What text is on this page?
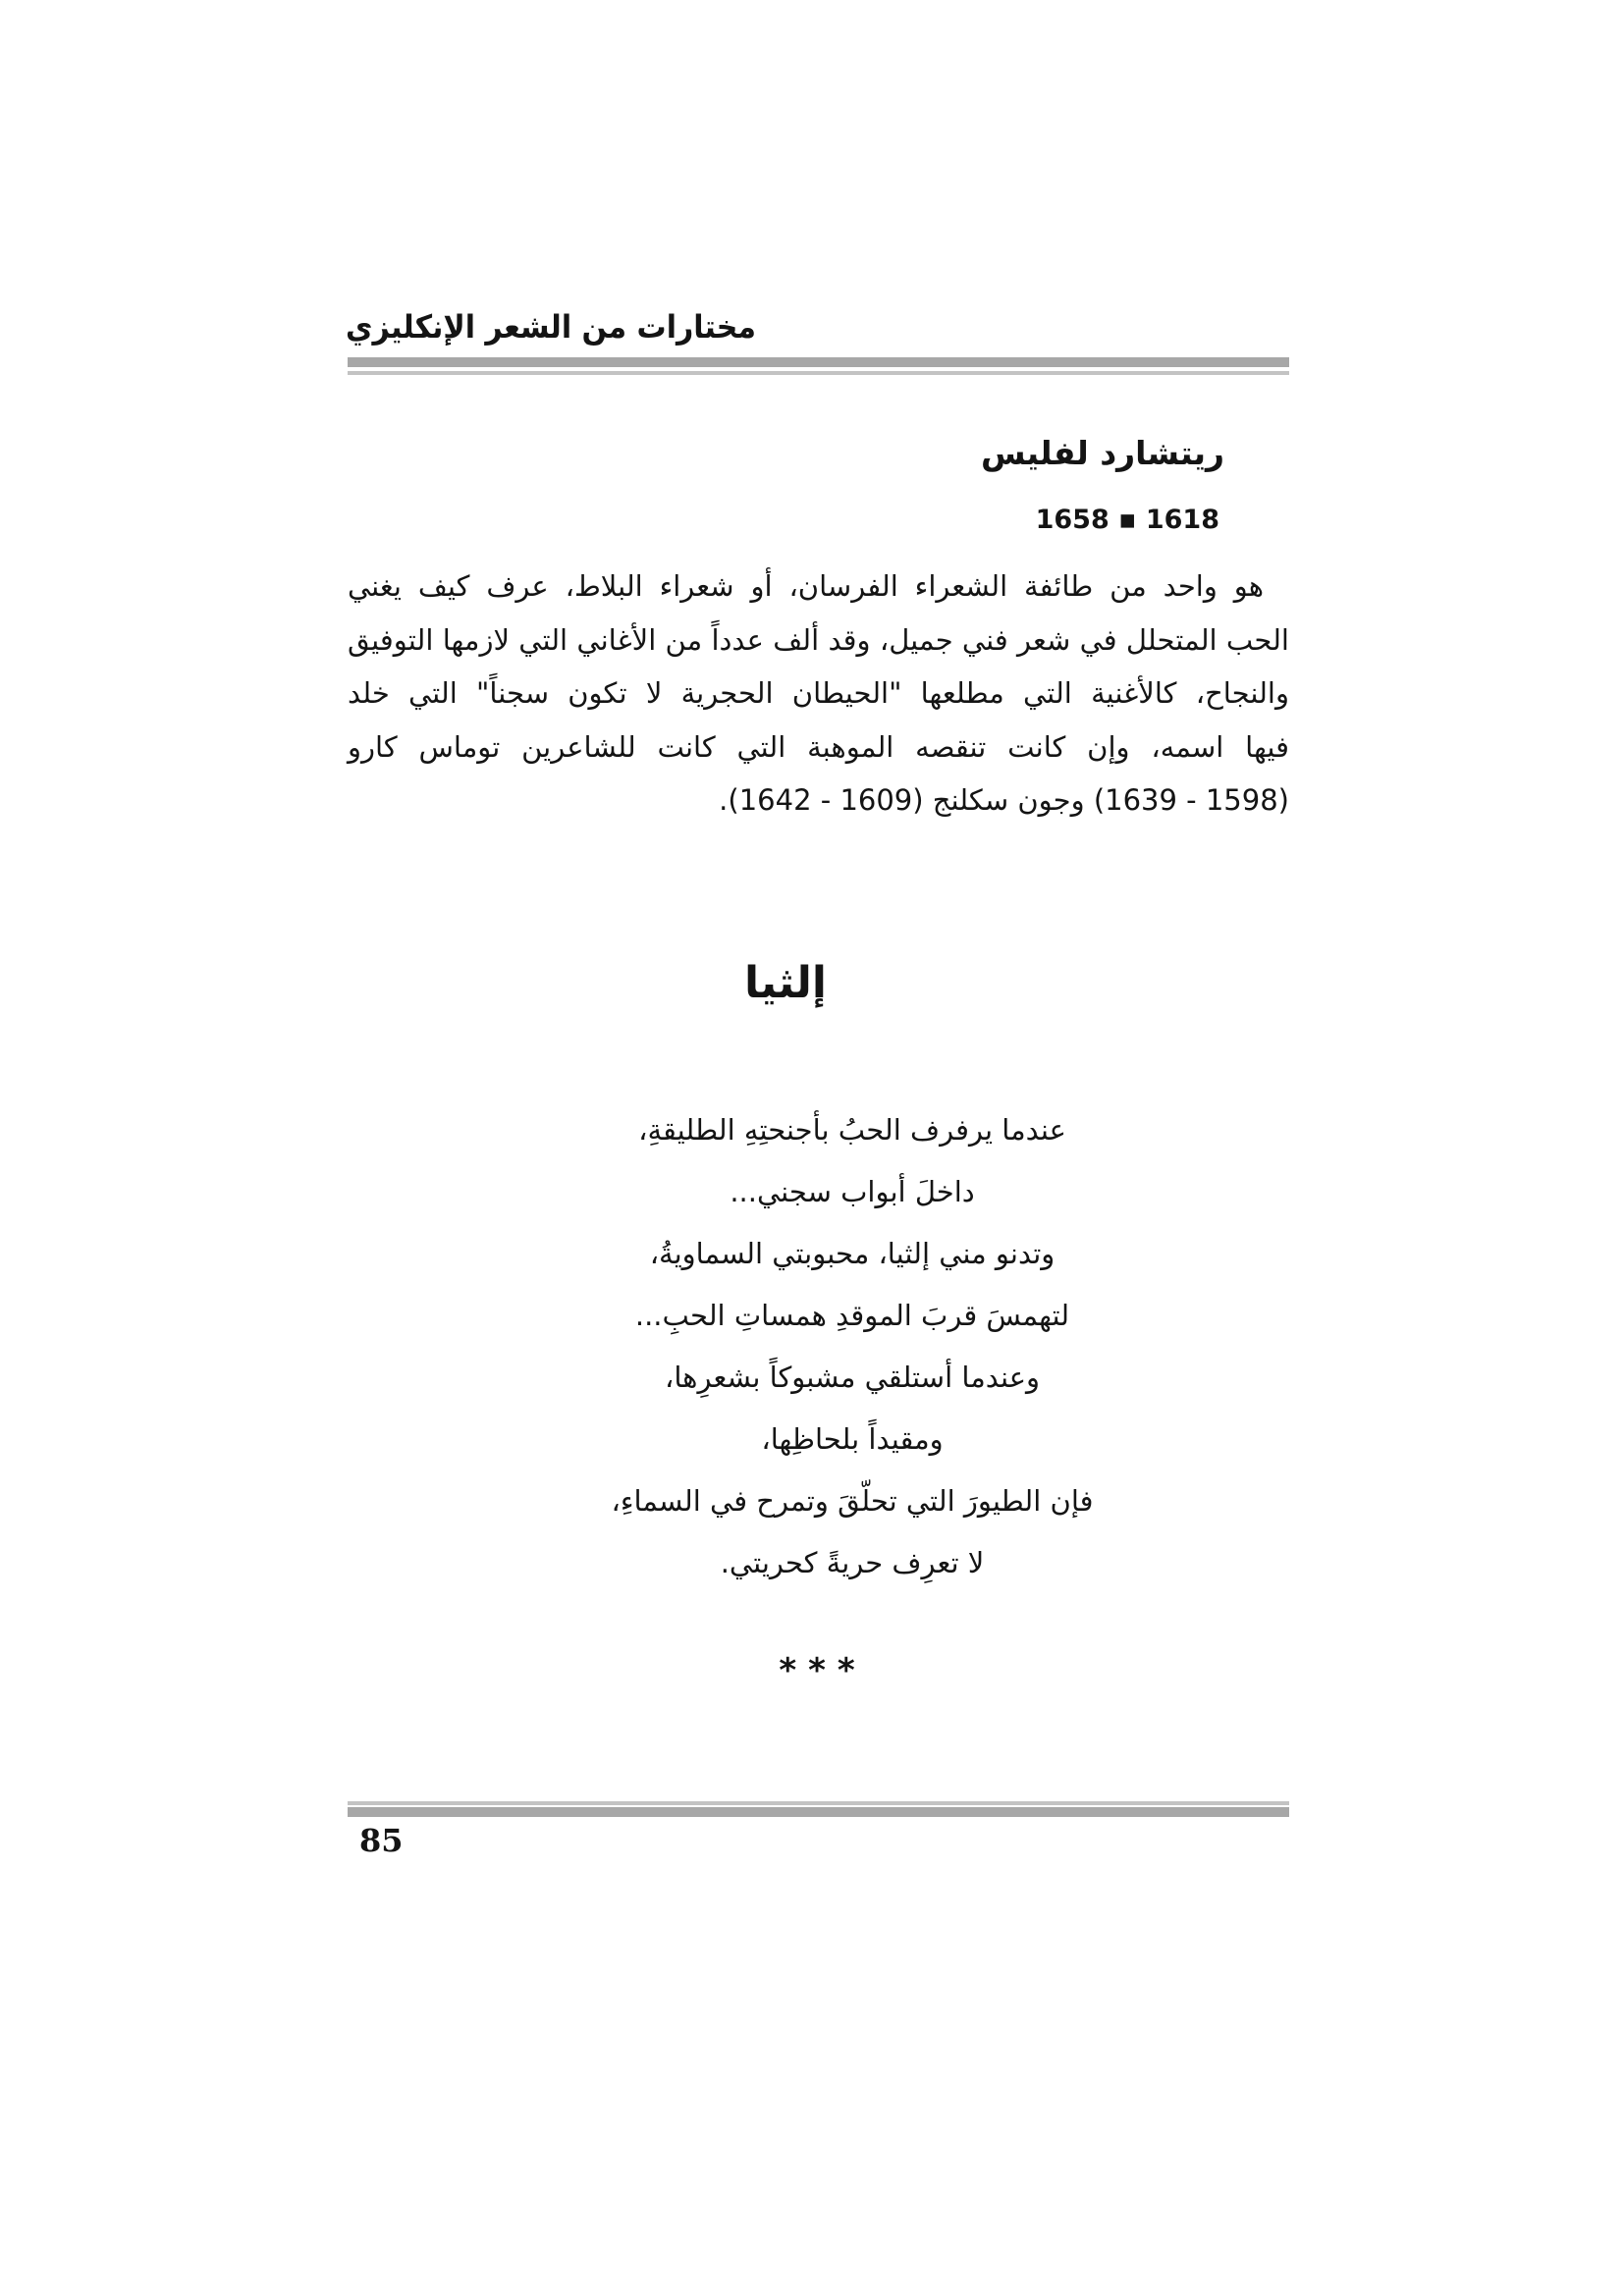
مختارات من الشعر الإنكليزي
ريتشارد لفليس
1618 ▪ 1658
هو واحد من طائفة الشعراء الفرسان، أو شعراء البلاط، عرف كيف يغني
الحب المتحلل في شعر فني جميل، وقد ألف عدداً من الأغاني التي لازمها التوفيق
والنجاح، كالأغنية التي مطلعها "الحيطان الحجرية لا تكون سجناً" التي خلد
فيها اسمه، وإن كانت تنقصه الموهبة التي كانت للشاعرين توماس كارو
(1598 - 1639) وجون سكلنج (1609 - 1642).
إلثيا
عندما يرفرف الحبُ بأجنحتِهِ الطليقةِ،
داخلَ أبواب سجني...
وتدنو مني إلثيا، محبوبتي السماويةُ،
لتهمسَ قربَ الموقدِ همساتِ الحبِ...
وعندما أستلقي مشبوكاً بشعرِها،
ومقيداً بلحاظِها،
فإن الطيورَ التي تحلّقَ وتمرح في السماءِ،
لا تعرِف حريةً كحريتي.
***
85
